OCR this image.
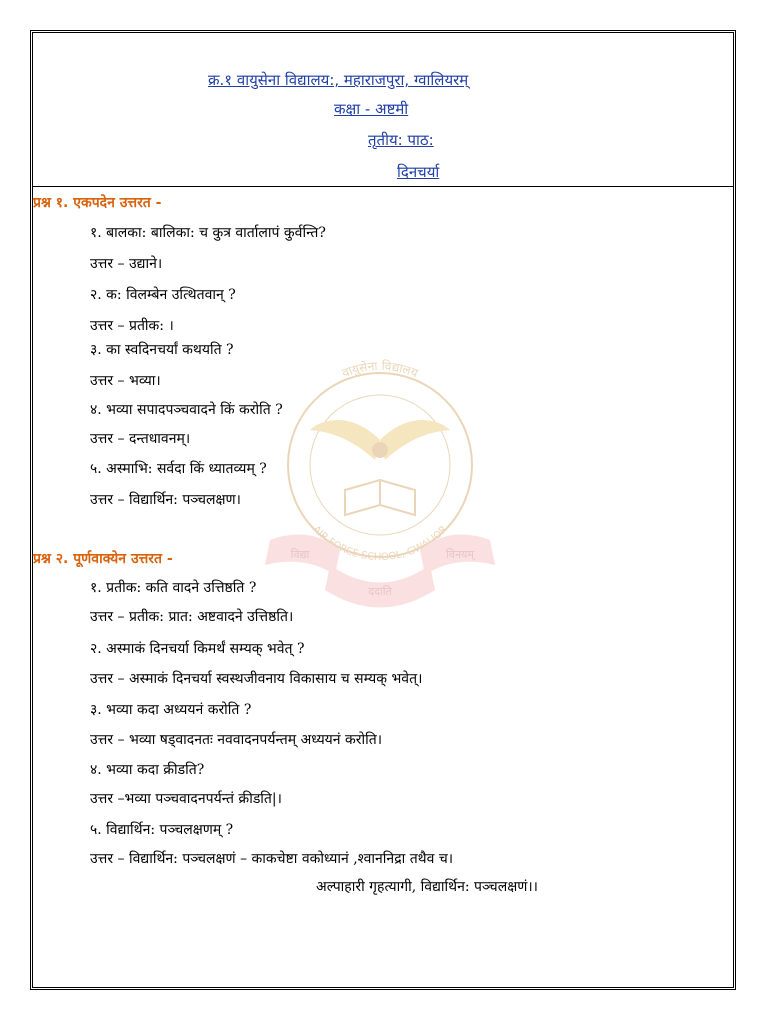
वायुसेना विद्यालय
AIR FORCE SCHOOL, GWALIOR
विद्या
ददाति
विनयम्
क्र.१ वायुसेना विद्यालय:, महाराजपुरा, ग्वालियरम्
कक्षा - अष्टमी
तृतीय: पाठ:
दिनचर्या
प्रश्न १. एकपदेन उत्तरत -
१. बालका: बालिका: च कुत्र वार्तालापं कुर्वन्ति?
उत्तर – उद्याने।
२. क: विलम्बेन उत्थितवान् ?
उत्तर – प्रतीक: ।
३. का स्वदिनचर्यां कथयति ?
उत्तर – भव्या।
४. भव्या सपादपञ्चवादने किं करोति ?
उत्तर – दन्तधावनम्।
५. अस्माभि: सर्वदा किं ध्यातव्यम् ?
उत्तर – विद्यार्थिन: पञ्चलक्षण।
प्रश्न २. पूर्णवाक्येन उत्तरत -
१. प्रतीक: कति वादने उत्तिष्ठति ?
उत्तर – प्रतीक: प्रात: अष्टवादने उत्तिष्ठति।
२. अस्माकं दिनचर्या किमर्थं सम्यक् भवेत् ?
उत्तर – अस्माकं दिनचर्या स्वस्थजीवनाय विकासाय च सम्यक् भवेत्।
३. भव्या कदा अध्ययनं करोति ?
उत्तर – भव्या षड्वादनतः नववादनपर्यन्तम् अध्ययनं करोति।
४. भव्या कदा क्रीडति?
उत्तर –भव्या पञ्चवादनपर्यन्तं क्रीडति|।
५. विद्यार्थिन: पञ्चलक्षणम् ?
उत्तर – विद्यार्थिन: पञ्चलक्षणं – काकचेष्टा वकोध्यानं ,श्वाननिद्रा तथैव च।
अल्पाहारी गृहत्यागी, विद्यार्थिन: पञ्चलक्षणं।।
